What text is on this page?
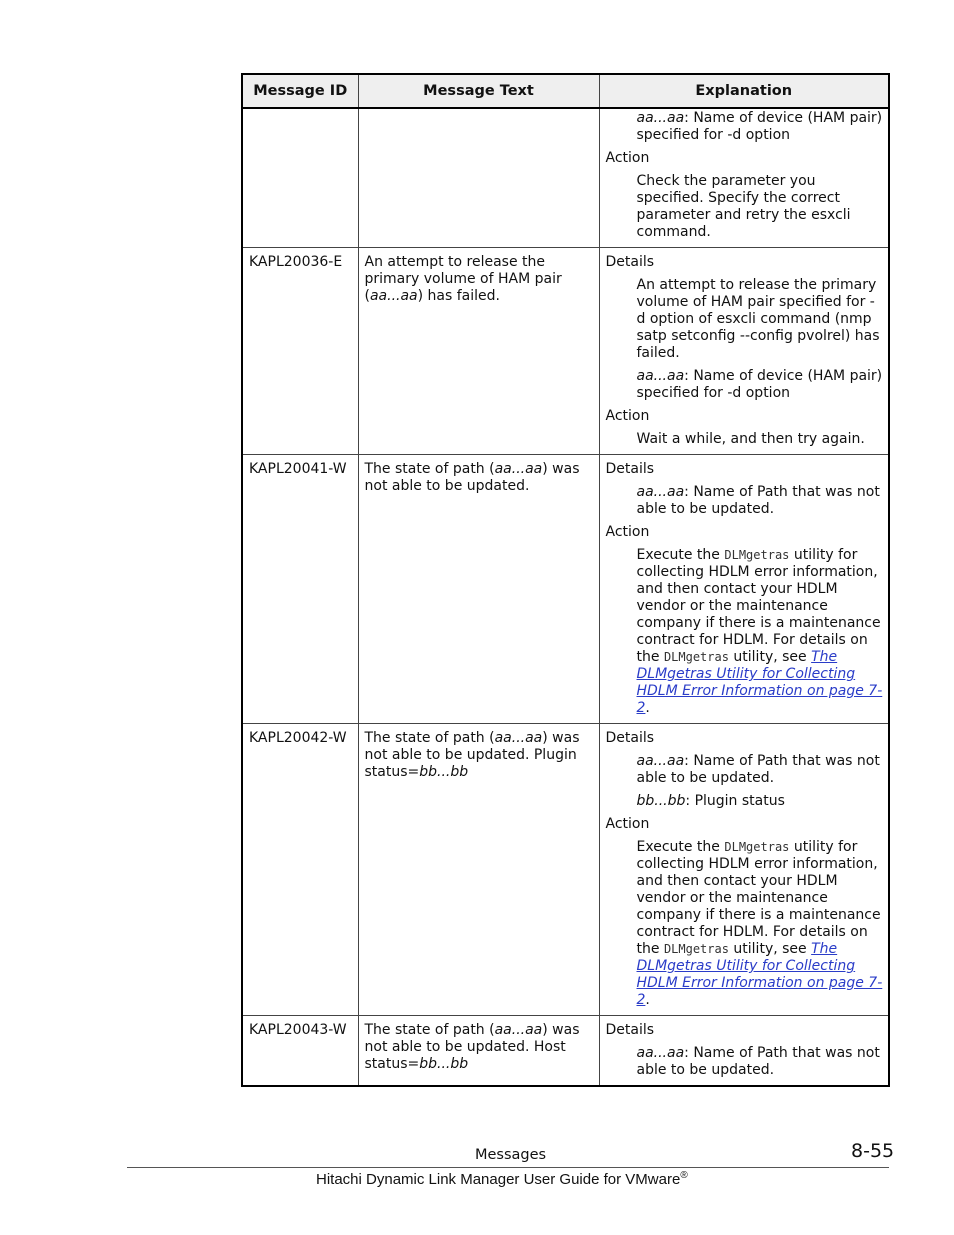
Message ID	Message Text	Explanation

		aa...aa: Name of device (HAM pair) specified for -d option

Action

Check the parameter you specified. Specify the correct parameter and retry the esxcli command.

KAPL20036-E	An attempt to release the primary volume of HAM pair (aa...aa) has failed.	Details

An attempt to release the primary volume of HAM pair specified for -d option of esxcli command (nmp satp setconfig --config pvolrel) has failed.

aa...aa: Name of device (HAM pair) specified for -d option

Action

Wait a while, and then try again.

KAPL20041-W	The state of path (aa...aa) was not able to be updated.	Details

aa...aa: Name of Path that was not able to be updated.

Action

Execute the DLMgetras utility for collecting HDLM error information, and then contact your HDLM vendor or the maintenance company if there is a maintenance contract for HDLM. For details on the DLMgetras utility, see The DLMgetras Utility for Collecting HDLM Error Information on page 7-2.

KAPL20042-W	The state of path (aa...aa) was not able to be updated. Plugin status=bb...bb	Details

aa...aa: Name of Path that was not able to be updated.

bb...bb: Plugin status

Action

Execute the DLMgetras utility for collecting HDLM error information, and then contact your HDLM vendor or the maintenance company if there is a maintenance contract for HDLM. For details on the DLMgetras utility, see The DLMgetras Utility for Collecting HDLM Error Information on page 7-2.

KAPL20043-W	The state of path (aa...aa) was not able to be updated. Host status=bb...bb	Details

aa...aa: Name of Path that was not able to be updated.

Messages	8-55
Hitachi Dynamic Link Manager User Guide for VMware®
